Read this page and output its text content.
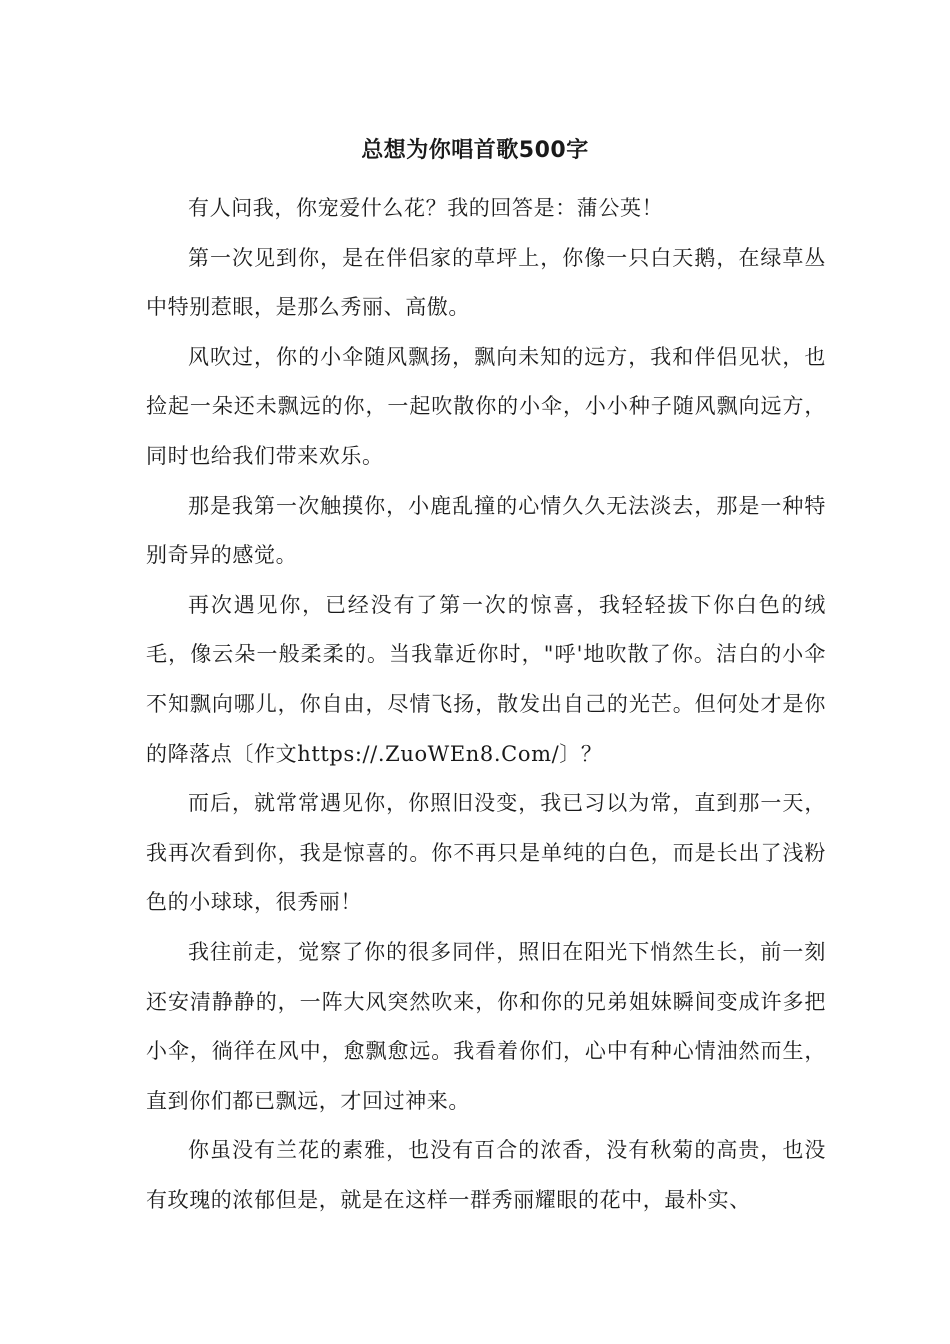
总想为你唱首歌500字

有人问我，你宠爱什么花？我的回答是：蒲公英！

第一次见到你，是在伴侣家的草坪上，你像一只白天鹅，在绿草丛中特别惹眼，是那么秀丽、高傲。

风吹过，你的小伞随风飘扬，飘向未知的远方，我和伴侣见状，也捡起一朵还未飘远的你，一起吹散你的小伞，小小种子随风飘向远方，同时也给我们带来欢乐。

那是我第一次触摸你，小鹿乱撞的心情久久无法淡去，那是一种特别奇异的感觉。

再次遇见你，已经没有了第一次的惊喜，我轻轻拔下你白色的绒毛，像云朵一般柔柔的。当我靠近你时，"呼'地吹散了你。洁白的小伞不知飘向哪儿，你自由，尽情飞扬，散发出自己的光芒。但何处才是你的降落点〔作文https://.ZuoWEn8.Com/〕？

而后，就常常遇见你，你照旧没变，我已习以为常，直到那一天，我再次看到你，我是惊喜的。你不再只是单纯的白色，而是长出了浅粉色的小球球，很秀丽！

我往前走，觉察了你的很多同伴，照旧在阳光下悄然生长，前一刻还安清静静的，一阵大风突然吹来，你和你的兄弟姐妹瞬间变成许多把小伞，徜徉在风中，愈飘愈远。我看着你们，心中有种心情油然而生，直到你们都已飘远，才回过神来。

你虽没有兰花的素雅，也没有百合的浓香，没有秋菊的高贵，也没有玫瑰的浓郁但是，就是在这样一群秀丽耀眼的花中，最朴实、
